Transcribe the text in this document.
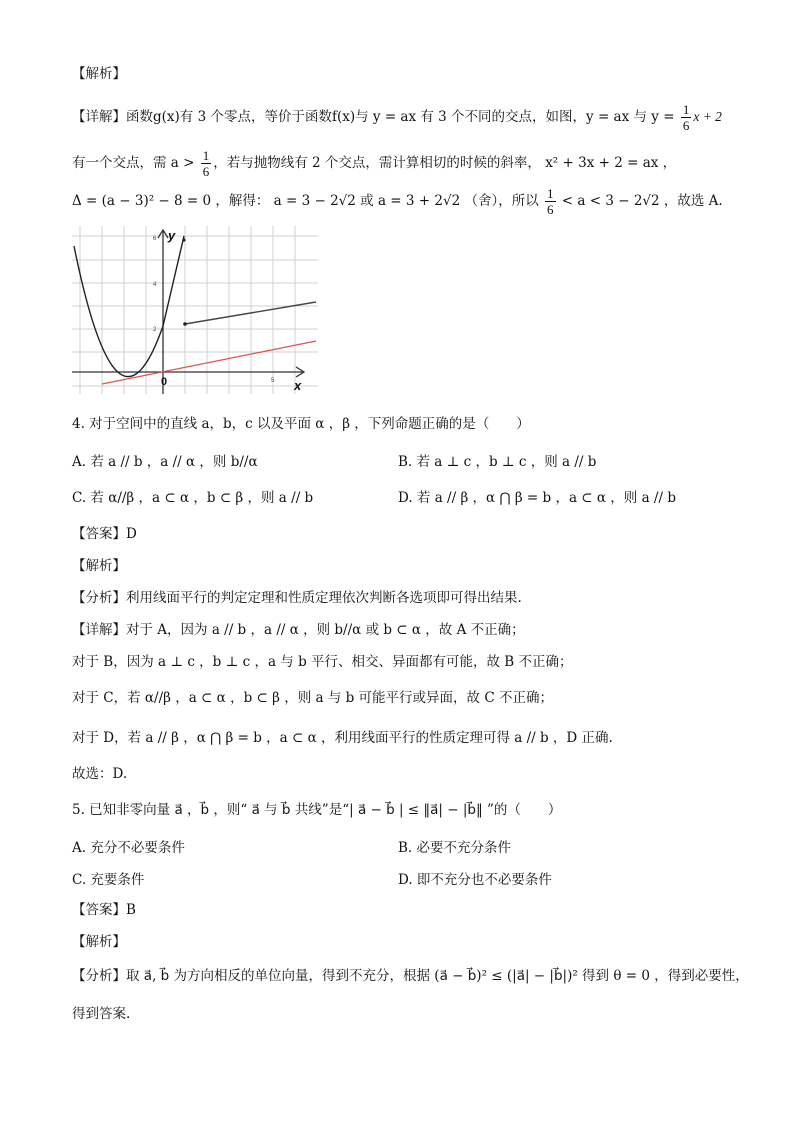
【解析】
【详解】函数g(x)有 3 个零点，等价于函数f(x)与 y = ax 有 3 个不同的交点，如图，y = ax 与 $y = \frac{1}{6}$ x + 2
有一个交点，需 $a > \frac{1}{6}$ ，若与抛物线有 2 个交点，需计算相切的时候的斜率， x² + 3x + 2 = ax ，
Δ = (a − 3)² − 8 = 0 ，解得： a = 3 − 2√2 或 a = 3 + 2√2 （舍），所以 $\frac{1}{6} < a < 3 - 2√2$ ，故选 A.
6
4
2
5
y
x
0
4. 对于空间中的直线 a，b，c 以及平面 α ，β ，下列命题正确的是（　　）
A. 若 a // b ，a // α ，则 b//α	B. 若 a ⊥ c ，b ⊥ c ，则 a // b
C. 若 α//β ，a ⊂ α ，b ⊂ β ，则 a // b	D. 若 a // β ，α ⋂ β = b ，a ⊂ α ，则 a // b
【答案】D
【解析】
【分析】利用线面平行的判定定理和性质定理依次判断各选项即可得出结果.
【详解】对于 A，因为 a // b ，a // α ，则 b//α 或 b ⊂ α ，故 A 不正确；
对于 B，因为 a ⊥ c ，b ⊥ c ，a 与 b 平行、相交、异面都有可能，故 B 不正确；
对于 C，若 α//β ，a ⊂ α ，b ⊂ β ，则 a 与 b 可能平行或异面，故 C 不正确；
对于 D，若 a // β ，α ⋂ β = b ，a ⊂ α ，利用线面平行的性质定理可得 a // b ，D 正确.
故选：D.
5. 已知非零向量 a⃗ ，b⃗ ，则“ a⃗ 与 b⃗ 共线”是“| a⃗ − b⃗ | ≤ ‖a⃗| − |b⃗‖ ”的（　　）
A. 充分不必要条件	B. 必要不充分条件
C. 充要条件	D. 即不充分也不必要条件
【答案】B
【解析】
【分析】取 a⃗, b⃗ 为方向相反的单位向量，得到不充分，根据 (a⃗ − b⃗)² ≤ (|a⃗| − |b⃗|)² 得到 θ = 0 ，得到必要性，
得到答案.
